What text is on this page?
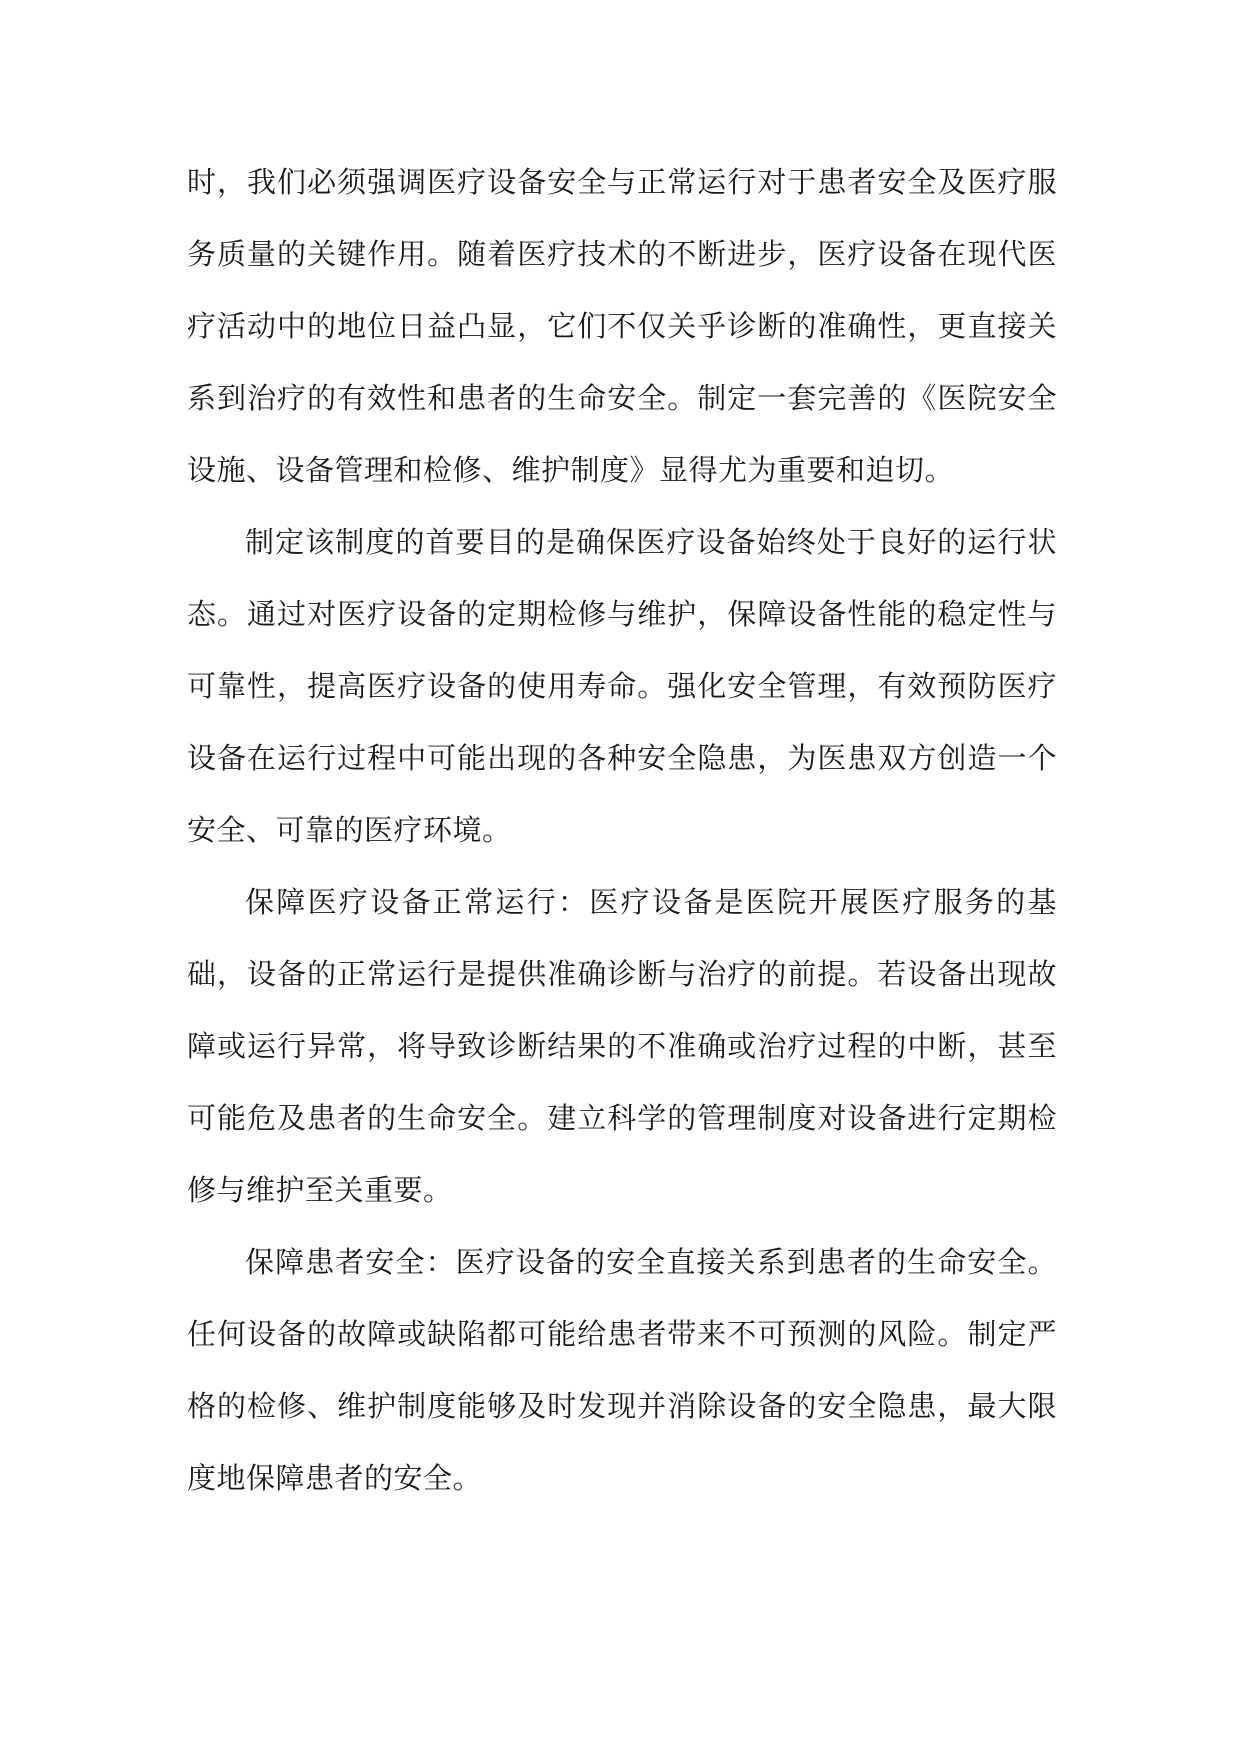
时，我们必须强调医疗设备安全与正常运行对于患者安全及医疗服务质量的关键作用。随着医疗技术的不断进步，医疗设备在现代医疗活动中的地位日益凸显，它们不仅关乎诊断的准确性，更直接关系到治疗的有效性和患者的生命安全。制定一套完善的《医院安全设施、设备管理和检修、维护制度》显得尤为重要和迫切。

制定该制度的首要目的是确保医疗设备始终处于良好的运行状态。通过对医疗设备的定期检修与维护，保障设备性能的稳定性与可靠性，提高医疗设备的使用寿命。强化安全管理，有效预防医疗设备在运行过程中可能出现的各种安全隐患，为医患双方创造一个安全、可靠的医疗环境。

保障医疗设备正常运行：医疗设备是医院开展医疗服务的基础，设备的正常运行是提供准确诊断与治疗的前提。若设备出现故障或运行异常，将导致诊断结果的不准确或治疗过程的中断，甚至可能危及患者的生命安全。建立科学的管理制度对设备进行定期检修与维护至关重要。

保障患者安全：医疗设备的安全直接关系到患者的生命安全。任何设备的故障或缺陷都可能给患者带来不可预测的风险。制定严格的检修、维护制度能够及时发现并消除设备的安全隐患，最大限度地保障患者的安全。
